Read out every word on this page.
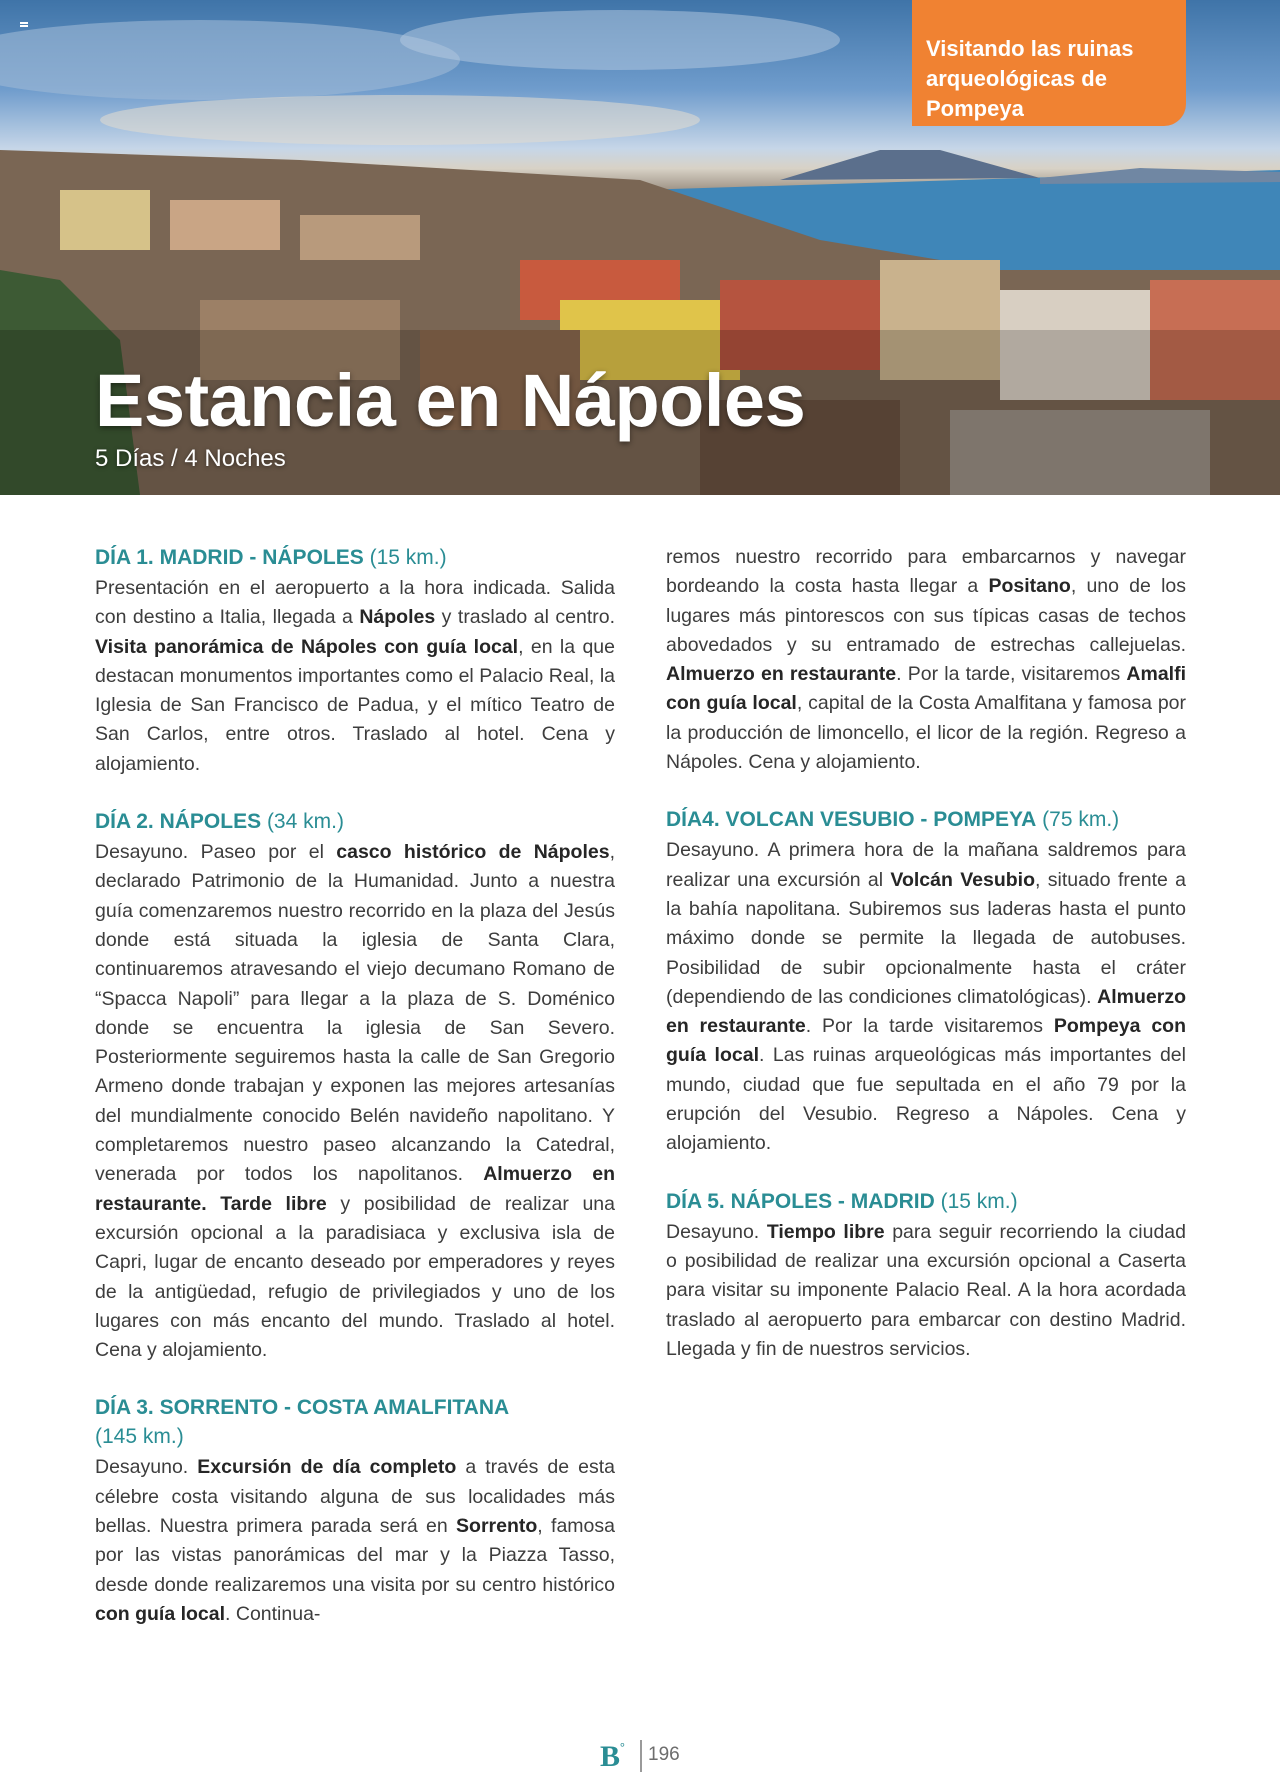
Visitando las ruinas arqueológicas de Pompeya
Estancia en Nápoles
5 Días / 4 Noches
DÍA 1. MADRID - NÁPOLES (15 km.)

Presentación en el aeropuerto a la hora indicada. Salida con destino a Italia, llegada a Nápoles y traslado al centro. Visita panorámica de Nápoles con guía local, en la que destacan monumentos importantes como el Palacio Real, la Iglesia de San Francisco de Padua, y el mítico Teatro de San Carlos, entre otros. Traslado al hotel. Cena y alojamiento.

DÍA 2. NÁPOLES (34 km.)

Desayuno. Paseo por el casco histórico de Nápoles, declarado Patrimonio de la Humanidad. Junto a nuestra guía comenzaremos nuestro recorrido en la plaza del Jesús donde está situada la iglesia de Santa Clara, continuaremos atravesando el viejo decumano Romano de “Spacca Napoli” para llegar a la plaza de S. Doménico donde se encuentra la iglesia de San Severo. Posteriormente seguiremos hasta la calle de San Gregorio Armeno donde trabajan y exponen las mejores artesanías del mundialmente conocido Belén navideño napolitano. Y completaremos nuestro paseo alcanzando la Catedral, venerada por todos los napolitanos. Almuerzo en restaurante. Tarde libre y posibilidad de realizar una excursión opcional a la paradisiaca y exclusiva isla de Capri, lugar de encanto deseado por emperadores y reyes de la antigüedad, refugio de privilegiados y uno de los lugares con más encanto del mundo. Traslado al hotel. Cena y alojamiento.

DÍA 3. SORRENTO - COSTA AMALFITANA
(145 km.)

Desayuno. Excursión de día completo a través de esta célebre costa visitando alguna de sus localidades más bellas. Nuestra primera parada será en Sorrento, famosa por las vistas panorámicas del mar y la Piazza Tasso, desde donde realizaremos una visita por su centro histórico con guía local. Continua-

remos nuestro recorrido para embarcarnos y navegar bordeando la costa hasta llegar a Positano, uno de los lugares más pintorescos con sus típicas casas de techos abovedados y su entramado de estrechas callejuelas. Almuerzo en restaurante. Por la tarde, visitaremos Amalfi con guía local, capital de la Costa Amalfitana y famosa por la producción de limoncello, el licor de la región. Regreso a Nápoles. Cena y alojamiento.

DÍA4. VOLCAN VESUBIO - POMPEYA (75 km.)

Desayuno. A primera hora de la mañana saldremos para realizar una excursión al Volcán Vesubio, situado frente a la bahía napolitana. Subiremos sus laderas hasta el punto máximo donde se permite la llegada de autobuses. Posibilidad de subir opcionalmente hasta el cráter (dependiendo de las condiciones climatológicas). Almuerzo en restaurante. Por la tarde visitaremos Pompeya con guía local. Las ruinas arqueológicas más importantes del mundo, ciudad que fue sepultada en el año 79 por la erupción del Vesubio. Regreso a Nápoles. Cena y alojamiento.

DÍA 5. NÁPOLES - MADRID (15 km.)

Desayuno. Tiempo libre para seguir recorriendo la ciudad o posibilidad de realizar una excursión opcional a Caserta para visitar su imponente Palacio Real. A la hora acordada traslado al aeropuerto para embarcar con destino Madrid. Llegada y fin de nuestros servicios.

B° 196
